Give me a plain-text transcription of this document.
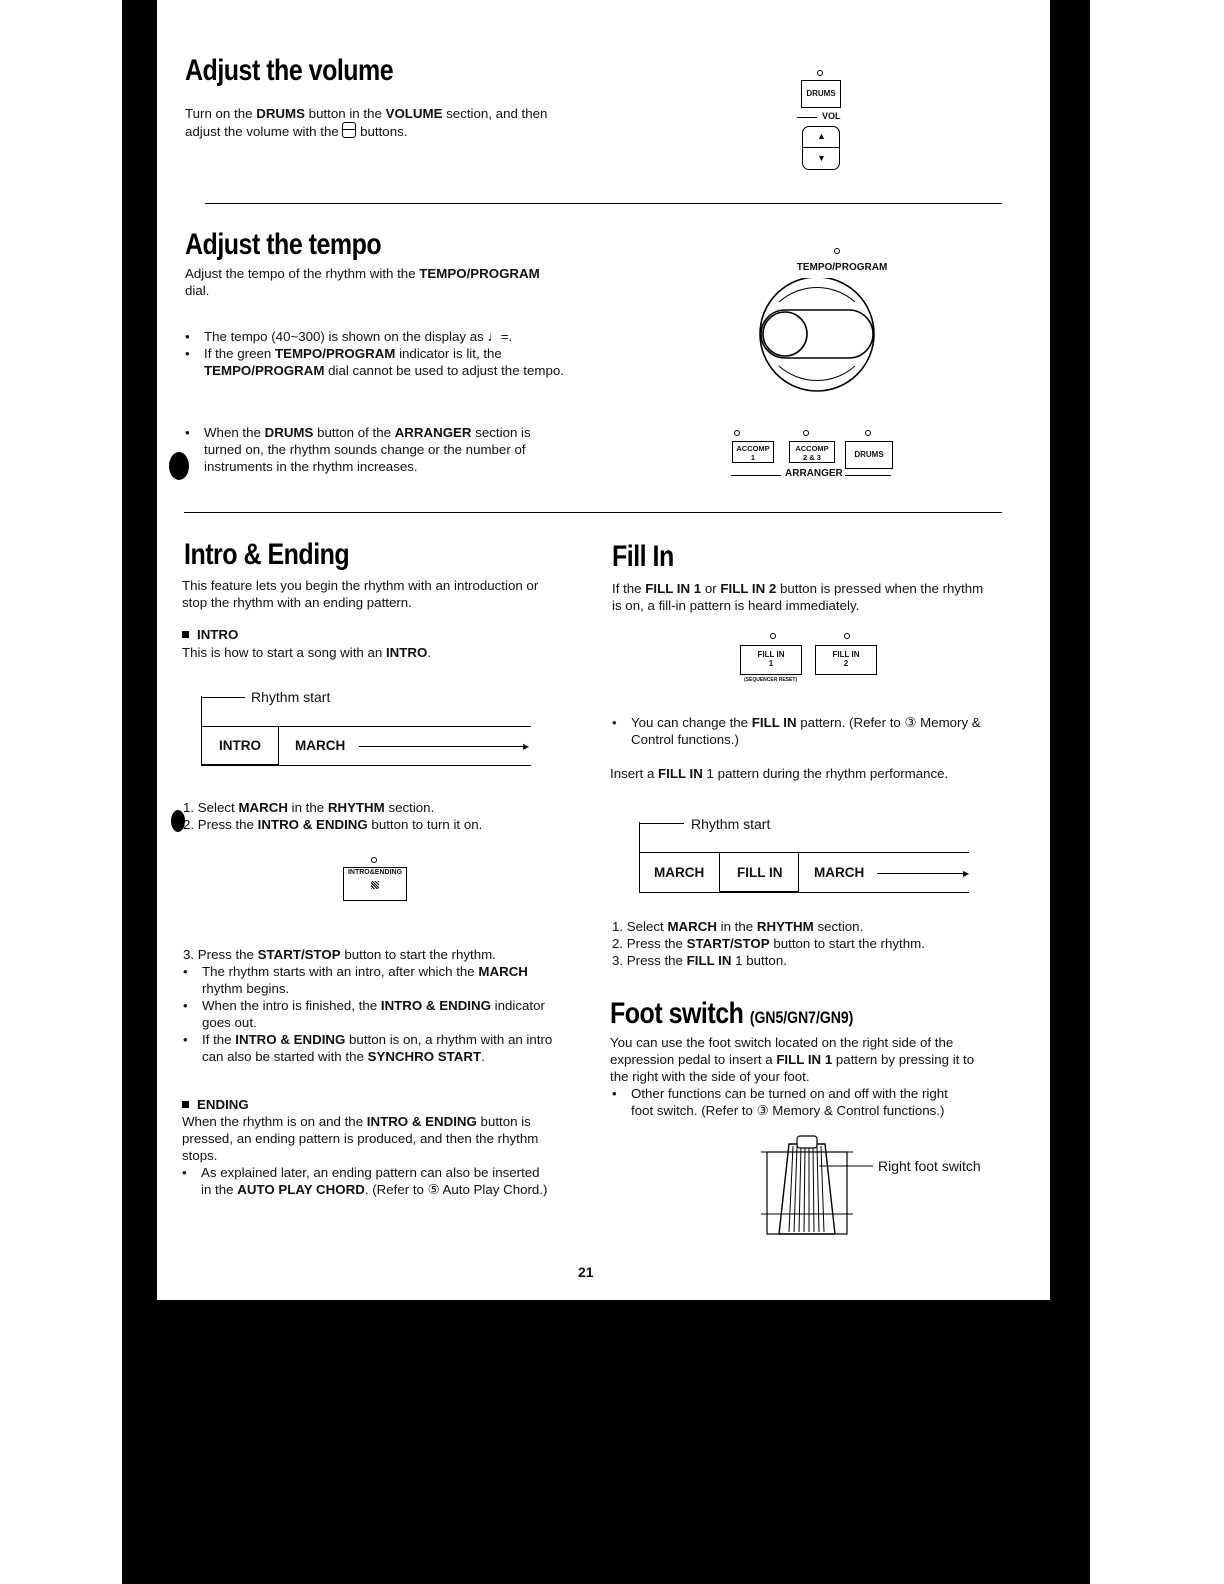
Adjust the volume

Turn on the DRUMS button in the VOLUME section, and then
adjust the volume with the
buttons.

DRUMS
VOL
▲
▼
Adjust the tempo

Adjust the tempo of the rhythm with the TEMPO/PROGRAM
dial.

• The tempo (40~300) is shown on the display as ♩=.
• If the green TEMPO/PROGRAM indicator is lit, the
TEMPO/PROGRAM dial cannot be used to adjust the tempo.
• When the DRUMS button of the ARRANGER section is
turned on, the rhythm sounds change or the number of
instruments in the rhythm increases.
TEMPO/PROGRAM
ACCOMP
1
ACCOMP
2 & 3	DRUMS
ARRANGER
Intro & Ending

This feature lets you begin the rhythm with an introduction or
stop the rhythm with an ending pattern.

INTRO

This is how to start a song with an INTRO.

Rhythm start
INTRO	MARCH	▶

1. Select MARCH in the RHYTHM section.

2. Press the INTRO & ENDING button to turn it on.

INTRO&ENDING

3. Press the START/STOP button to start the rhythm.

• The rhythm starts with an intro, after which the MARCH
rhythm begins.
• When the intro is finished, the INTRO & ENDING indicator
goes out.
• If the INTRO & ENDING button is on, a rhythm with an intro
can also be started with the SYNCHRO START.

ENDING

When the rhythm is on and the INTRO & ENDING button is
pressed, an ending pattern is produced, and then the rhythm
stops.

• As explained later, an ending pattern can also be inserted
in the AUTO PLAY CHORD. (Refer to ⑤ Auto Play Chord.)
Fill In

If the FILL IN 1 or FILL IN 2 button is pressed when the rhythm
is on, a fill-in pattern is heard immediately.

FILL IN
1
FILL IN
2
(SEQUENCER RESET)
• You can change the FILL IN pattern. (Refer to ③ Memory &
Control functions.)

Insert a FILL IN 1 pattern during the rhythm performance.

Rhythm start
MARCH FILL IN MARCH	▶

1. Select MARCH in the RHYTHM section.

2. Press the START/STOP button to start the rhythm.

3. Press the FILL IN 1 button.

Foot switch (GN5/GN7/GN9)

You can use the foot switch located on the right side of the
expression pedal to insert a FILL IN 1 pattern by pressing it to
the right with the side of your foot.

• Other functions can be turned on and off with the right
foot switch. (Refer to ③ Memory & Control functions.)
Right foot switch
21
